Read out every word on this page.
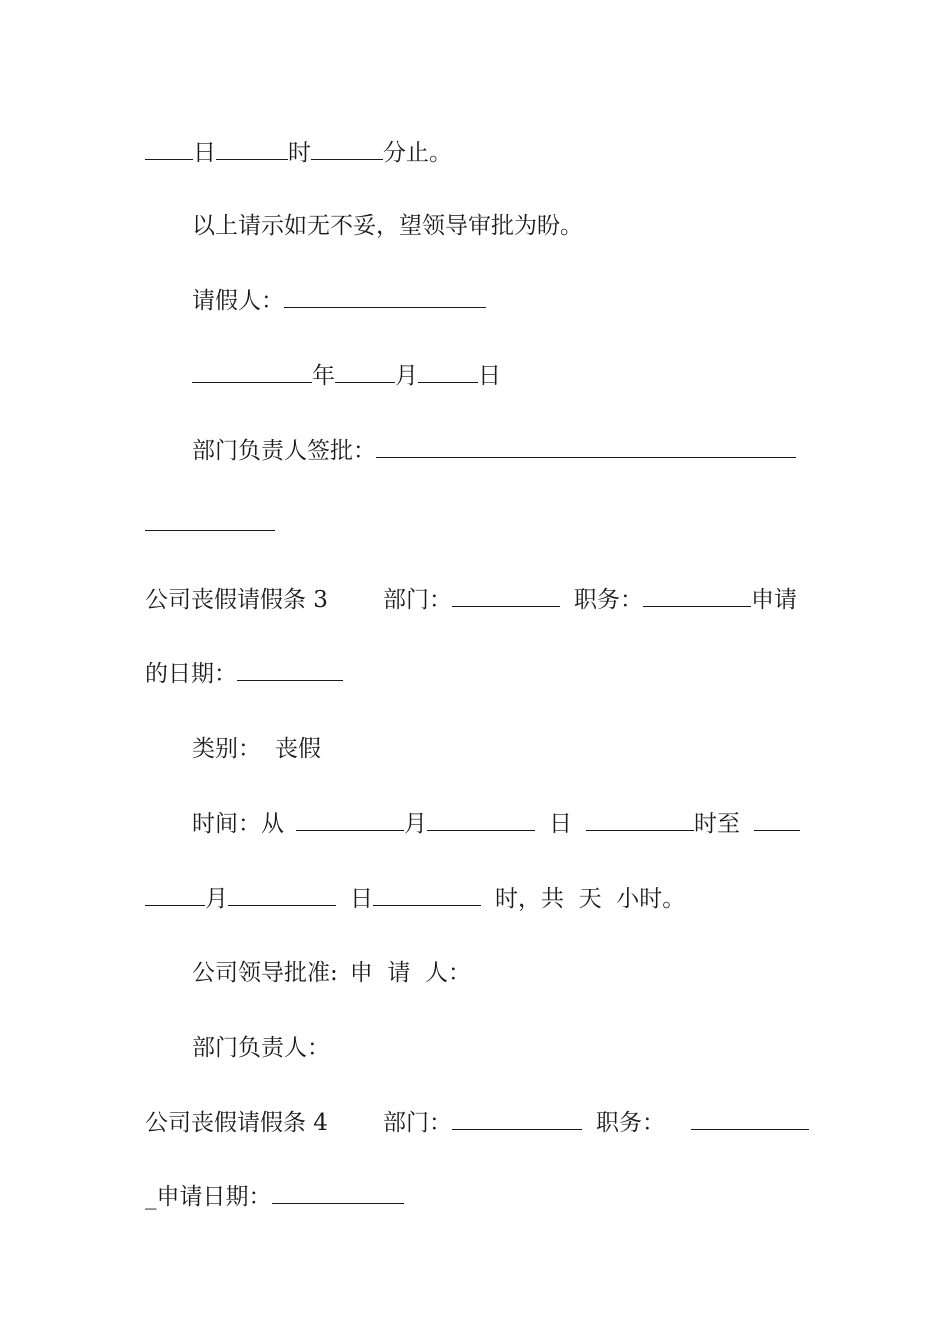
日	时	分止。
以上请示如无不妥，望领导审批为盼。
请假人：
年	月	日
部门负责人签批：
公司丧假请假条 3 部门：	职务：	申请
的日期：
类别： 丧假
时间：从	月	日	时至
月	日	时，共  天  小时。
公司领导批准: 申  请  人：
部门负责人：
公司丧假请假条 4 部门：	职务：
_申请日期：
